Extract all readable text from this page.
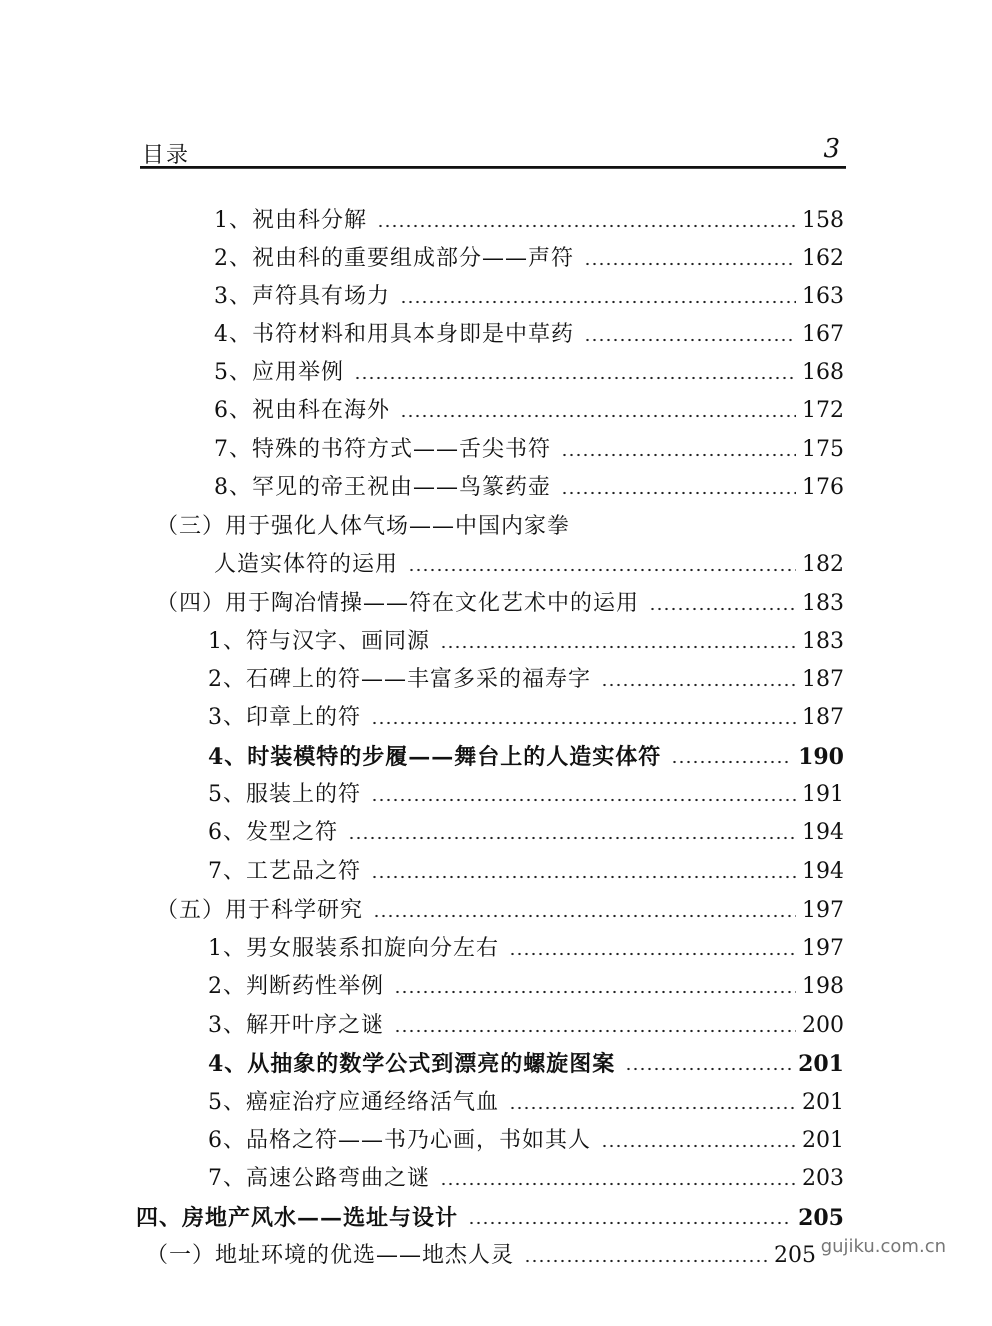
目录	3
1、祝由科分解	158
2、祝由科的重要组成部分——声符	162
3、声符具有场力	163
4、书符材料和用具本身即是中草药	167
5、应用举例	168
6、祝由科在海外	172
7、特殊的书符方式——舌尖书符	175
8、罕见的帝王祝由——鸟篆药壶	176
（三）用于强化人体气场——中国内家拳
人造实体符的运用	182
（四）用于陶冶情操——符在文化艺术中的运用	183
1、符与汉字、画同源	183
2、石碑上的符——丰富多采的福寿字	187
3、印章上的符	187
4、时装模特的步履——舞台上的人造实体符	190
5、服装上的符	191
6、发型之符	194
7、工艺品之符	194
（五）用于科学研究	197
1、男女服装系扣旋向分左右	197
2、判断药性举例	198
3、解开叶序之谜	200
4、从抽象的数学公式到漂亮的螺旋图案	201
5、癌症治疗应通经络活气血	201
6、品格之符——书乃心画，书如其人	201
7、高速公路弯曲之谜	203
四、房地产风水——选址与设计	205
（一）地址环境的优选——地杰人灵	205 gujiku.com.cn
